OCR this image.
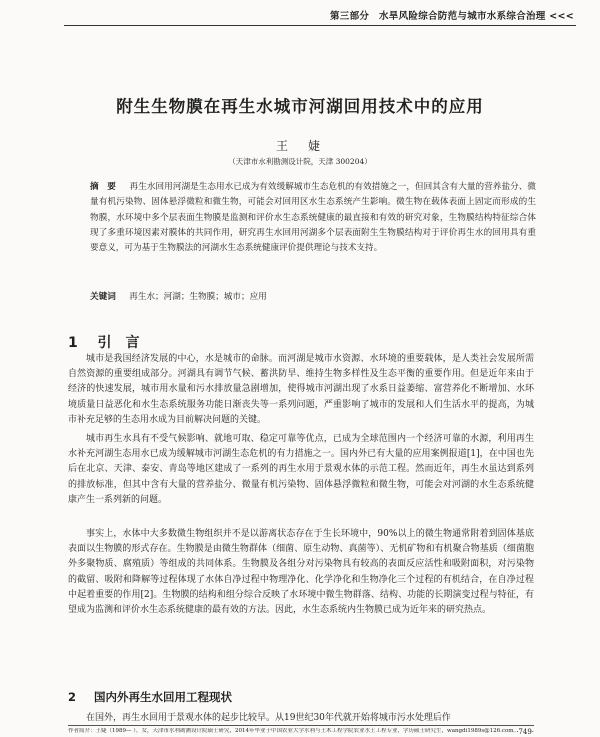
第三部分　水旱风险综合防范与城市水系综合治理 <<<
附生生物膜在再生水城市河湖回用技术中的应用
王　婕
（天津市水利勘测设计院，天津 300204）
摘　要 再生水回用河湖是生态用水已成为有效缓解城市生态危机的有效措施之一，但回其含有大量的营养盐分、微量有机污染物、固体悬浮微粒和微生物，可能会对回用区水生态系统产生影响。微生物在载体表面上固定而形成的生物膜，水环境中多个层表面生物膜是监测和评价水生态系统健康的最直接和有效的研究对象，生物膜结构特征综合体现了多重环境因素对膜体的共同作用，研究再生水回用河湖多个层表面附生生物膜结构对于评价再生水的回用具有重要意义，可为基于生物膜法的河湖水生态系统健康评价提供理论与技术支持。
关键词 再生水；河湖；生物膜；城市；应用
1 引　言

城市是我国经济发展的中心，水是城市的命脉。而河湖是城市水资源、水环境的重要载体，是人类社会发展所需自然资源的重要组成部分。河湖具有调节气候、蓄洪防旱、维持生物多样性及生态平衡的重要作用。但是近年来由于经济的快速发展，城市用水量和污水排放量急剧增加，使得城市河湖出现了水系日益萎缩、富营养化不断增加、水环境质量日益恶化和水生态系统服务功能日渐丧失等一系列问题，严重影响了城市的发展和人们生活水平的提高，为城市补充足够的生态用水成为目前解决问题的关键。

城市再生水具有不受气候影响、就地可取、稳定可靠等优点，已成为全球范围内一个经济可靠的水源，利用再生水补充河湖生态用水已成为缓解城市河湖生态危机的有力措施之一。国内外已有大量的应用案例报道[1]，在中国也先后在北京、天津、泰安、青岛等地区建成了一系列的再生水用于景观水体的示范工程。然而近年，再生水虽达到系列的排放标准，但其中含有大量的营养盐分、微量有机污染物、固体悬浮微粒和微生物，可能会对河湖的水生态系统健康产生一系列新的问题。

事实上，水体中大多数微生物组织并不是以游离状态存在于生长环境中，90%以上的微生物通常附着到固体基底表面以生物膜的形式存在。生物膜是由微生物群体（细菌、原生动物、真菌等）、无机矿物和有机聚合物基质（细菌胞外多聚物质、腐殖质）等组成的共同体系。生物膜及各组分对污染物具有较高的表面反应活性和吸附面积，对污染物的截留、吸附和降解等过程体现了水体自净过程中物理净化、化学净化和生物净化三个过程的有机结合，在自净过程中起着重要的作用[2]。生物膜的结构和组分综合反映了水环境中微生物群落、结构、功能的长期演变过程与特征，有望成为监测和评价水生态系统健康的最有效的方法。因此，水生态系统内生物膜已成为近年来的研究热点。

2 国内外再生水回用工程现状

在国外，再生水回用于景观水体的起步比较早。从19世纪30年代就开始将城市污水处理后作

作者简介：王婕（1989— ），女，天津市水利勘测设计院硕士研究，2014年毕业于中国农业大学水利与土木工程学院农业水土工程专业，学历硕士研究生，wangdi1989s@126.com。
·749·
